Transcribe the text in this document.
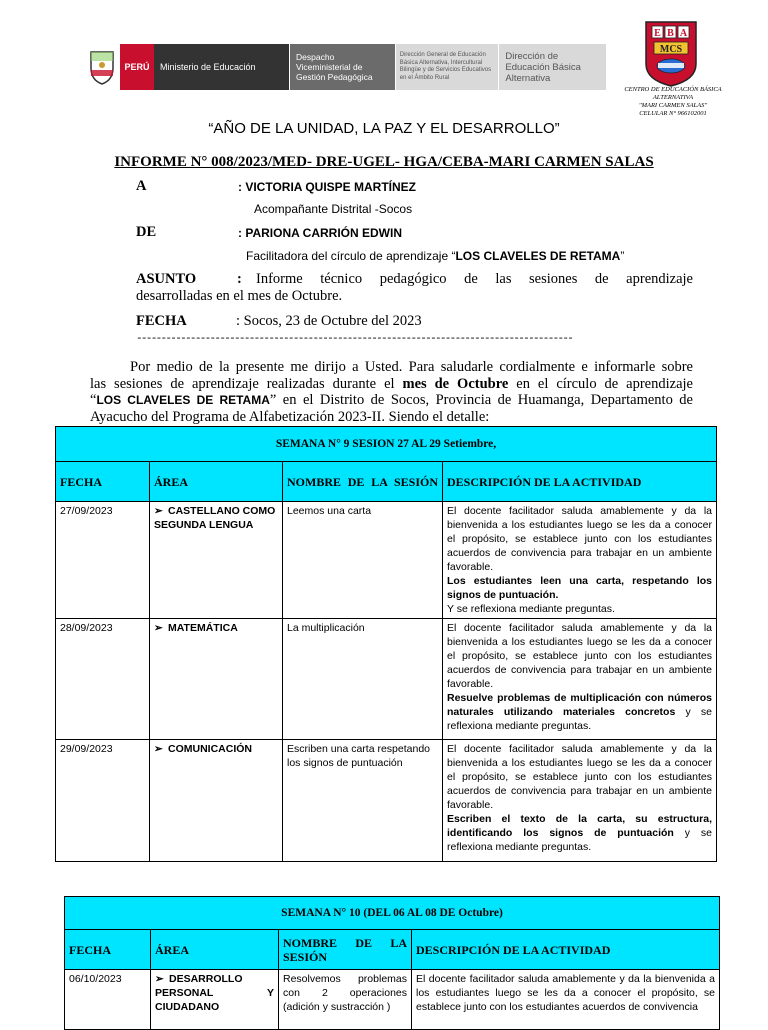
PERÚ	Ministerio de Educación
Despacho Viceministerial de Gestión Pedagógica
Dirección General de Educación Básica Alternativa, Intercultural Bilingüe y de Servicios Educativos en el Ámbito Rural
Dirección de Educación Básica Alternativa
E B A
MCS
CENTRO DE EDUCACIÓN BÁSICA ALTERNATIVA
"MARI CARMEN SALAS"
CELULAR N° 966102001
“AÑO DE LA UNIDAD, LA PAZ Y EL DESARROLLO”
INFORME N° 008/2023/MED- DRE-UGEL- HGA/CEBA-MARI CARMEN SALAS
A	: VICTORIA QUISPE MARTÍNEZ
Acompañante Distrital -Socos
DE	: PARIONA CARRIÓN EDWIN
Facilitadora del círculo de aprendizaje “LOS CLAVELES DE RETAMA”
ASUNTO	: Informe técnico pedagógico de las sesiones de aprendizaje
desarrolladas en el mes de Octubre.
FECHA	: Socos, 23 de Octubre del 2023
-----------------------------------------------------------------------------------------
Por medio de la presente me dirijo a Usted. Para saludarle cordialmente e informarle sobre
las sesiones de aprendizaje realizadas durante el mes de Octubre en el círculo de aprendizaje
“LOS CLAVELES DE RETAMA” en el Distrito de Socos, Provincia de Huamanga, Departamento de
Ayacucho del Programa de Alfabetización 2023-II. Siendo el detalle:
SEMANA N° 9 SESION 27 AL 29 Setiembre,			
FECHA	ÁREA	NOMBRE DE LA SESIÓN	DESCRIPCIÓN DE LA ACTIVIDAD
27/09/2023	➢ CASTELLANO COMO SEGUNDA LENGUA	Leemos una carta	El docente facilitador saluda amablemente y da la bienvenida a los estudiantes luego se les da a conocer el propósito, se establece junto con los estudiantes acuerdos de convivencia para trabajar en un ambiente favorable.
Los estudiantes leen una carta, respetando los signos de puntuación.
Y se reflexiona mediante preguntas.
28/09/2023	➢ MATEMÁTICA	La multiplicación	El docente facilitador saluda amablemente y da la bienvenida a los estudiantes luego se les da a conocer el propósito, se establece junto con los estudiantes acuerdos de convivencia para trabajar en un ambiente favorable.
Resuelve problemas de multiplicación con números naturales utilizando materiales concretos y se reflexiona mediante preguntas.
29/09/2023	➢ COMUNICACIÓN	Escriben una carta respetando los signos de puntuación	El docente facilitador saluda amablemente y da la bienvenida a los estudiantes luego se les da a conocer el propósito, se establece junto con los estudiantes acuerdos de convivencia para trabajar en un ambiente favorable.
Escriben el texto de la carta, su estructura, identificando los signos de puntuación y se reflexiona mediante preguntas.
SEMANA N° 10 (DEL 06 AL 08 DE Octubre)			
FECHA	ÁREA	NOMBRE DE LA SESIÓN	DESCRIPCIÓN DE LA ACTIVIDAD
06/10/2023	➢ DESARROLLO PERSONAL Y CIUDADANO	Resolvemos problemas con 2 operaciones (adición y sustracción )	El docente facilitador saluda amablemente y da la bienvenida a los estudiantes luego se les da a conocer el propósito, se establece junto con los estudiantes acuerdos de convivencia
